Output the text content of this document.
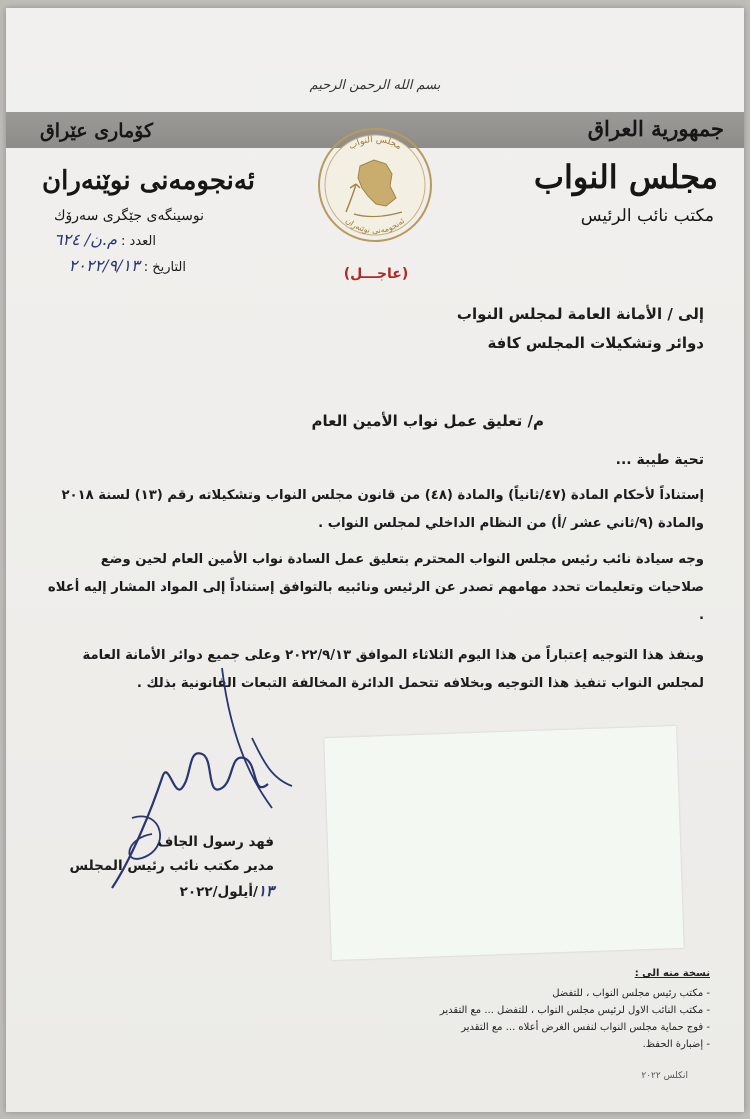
بسم الله الرحمن الرحيم
جمهورية العراق
مجلس النواب
مكتب نائب الرئيس
كۆماری عێراق
ئەنجومەنی نوێنەران
نوسینگەی جێگری سەرۆك
العدد : م.ن/ ٦٢٤
التاريخ : ٢٠٢٢/٩/١٣
مجلس النواب
ئەنجومەنی نوێنەران
(عاجـــل)
إلى / الأمانة العامة لمجلس النواب
دوائر وتشكيلات المجلس كافة
م/ تعليق عمل نواب الأمين العام
تحية طيبة ...
إستناداً لأحكام المادة (٤٧/ثانياً) والمادة (٤٨) من قانون مجلس النواب وتشكيلاته رقم (١٣) لسنة ٢٠١٨ والمادة (٩/ثاني عشر /أ) من النظام الداخلي لمجلس النواب .
وجه سيادة نائب رئيس مجلس النواب المحترم بتعليق عمل السادة نواب الأمين العام لحين وضع صلاحيات وتعليمات تحدد مهامهم تصدر عن الرئيس ونائبيه بالتوافق إستناداً إلى المواد المشار إليه أعلاه .
وينفذ هذا التوجيه إعتباراً من هذا اليوم الثلاثاء الموافق ٢٠٢٢/٩/١٣ وعلى جميع دوائر الأمانة العامة لمجلس النواب تنفيذ هذا التوجيه وبخلافه تتحمل الدائرة المخالفة التبعات القانونية بذلك .
فهد رسول الجاف
مدير مكتب نائب رئيس المجلس
١٣/أيلول/٢٠٢٢
نسخة منه الى :
- مكتب رئيس مجلس النواب ، للتفضل
- مكتب النائب الاول لرئيس مجلس النواب ، للتفضل ... مع التقدير
- فوج حماية مجلس النواب لنفس الغرض أعلاه ... مع التقدير
- إضبارة الحفظ.
انكلس ٢٠٢٢
